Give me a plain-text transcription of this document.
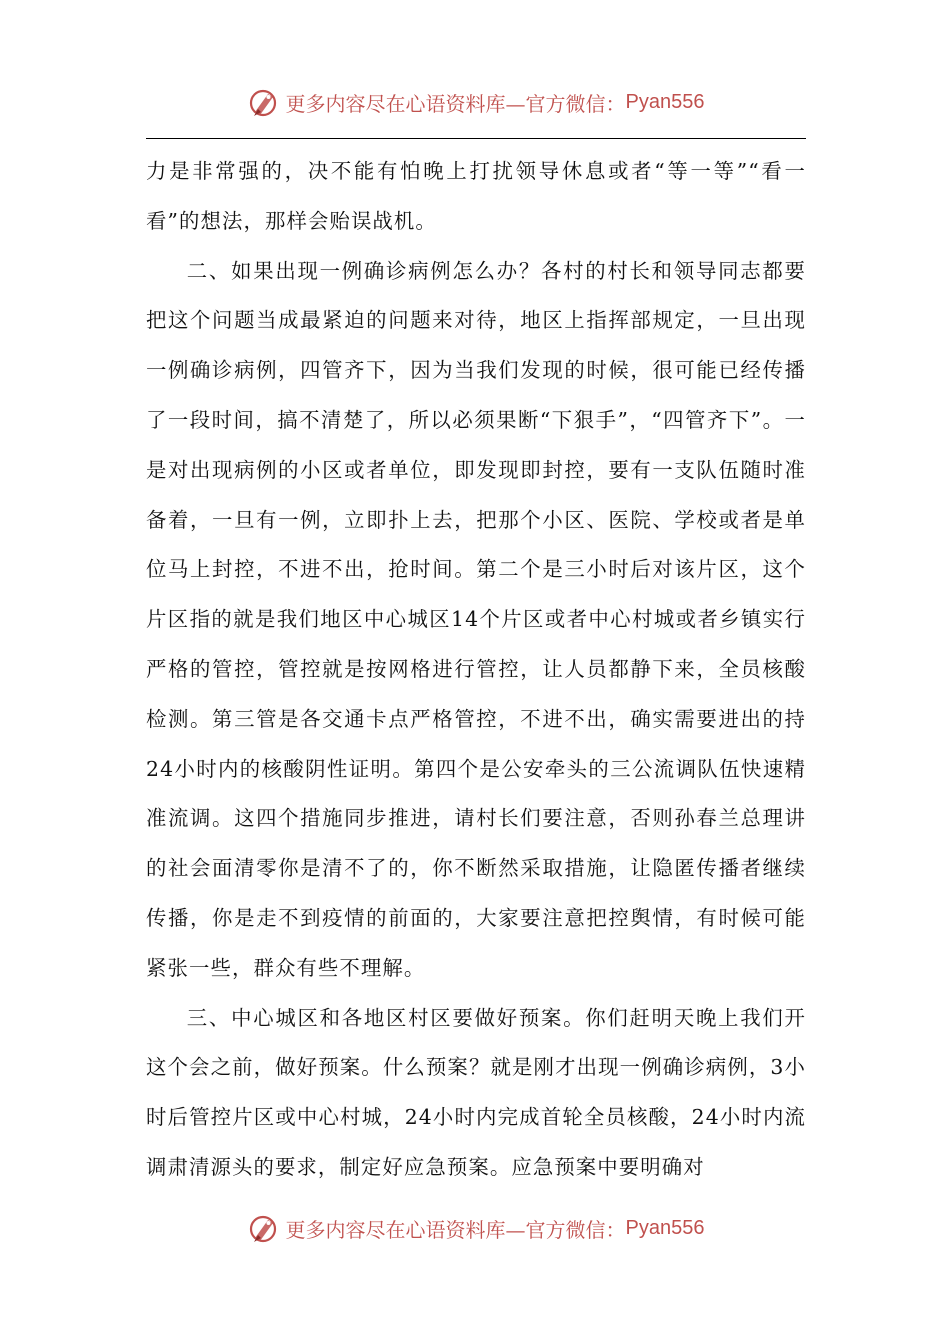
更多内容尽在心语资料库—官方微信： Pyan556

力是非常强的，决不能有怕晚上打扰领导休息或者“等一等”“看一看”的想法，那样会贻误战机。

二、如果出现一例确诊病例怎么办？各村的村长和领导同志都要把这个问题当成最紧迫的问题来对待，地区上指挥部规定，一旦出现一例确诊病例，四管齐下，因为当我们发现的时候，很可能已经传播了一段时间，搞不清楚了，所以必须果断“下狠手”，“四管齐下”。一是对出现病例的小区或者单位，即发现即封控，要有一支队伍随时准备着，一旦有一例，立即扑上去，把那个小区、医院、学校或者是单位马上封控，不进不出，抢时间。第二个是三小时后对该片区，这个片区指的就是我们地区中心城区14个片区或者中心村城或者乡镇实行严格的管控，管控就是按网格进行管控，让人员都静下来，全员核酸检测。第三管是各交通卡点严格管控，不进不出，确实需要进出的持24小时内的核酸阴性证明。第四个是公安牵头的三公流调队伍快速精准流调。这四个措施同步推进，请村长们要注意，否则孙春兰总理讲的社会面清零你是清不了的，你不断然采取措施，让隐匿传播者继续传播，你是走不到疫情的前面的，大家要注意把控舆情，有时候可能紧张一些，群众有些不理解。

三、中心城区和各地区村区要做好预案。你们赶明天晚上我们开这个会之前，做好预案。什么预案？就是刚才出现一例确诊病例，3小时后管控片区或中心村城，24小时内完成首轮全员核酸，24小时内流调肃清源头的要求，制定好应急预案。应急预案中要明确对

更多内容尽在心语资料库—官方微信： Pyan556
